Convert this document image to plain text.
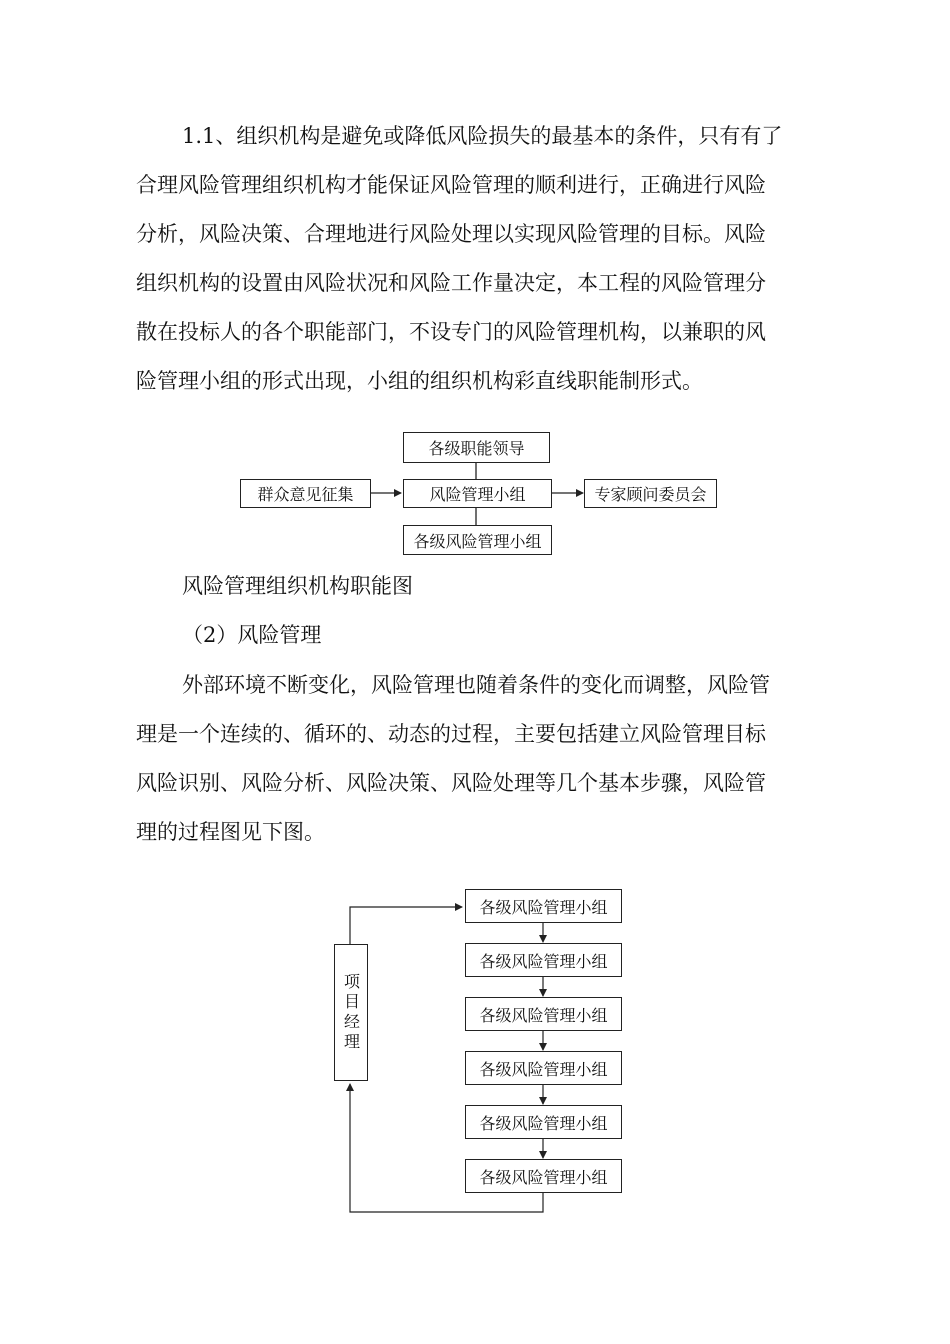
1.1、组织机构是避免或降低风险损失的最基本的条件，只有有了
合理风险管理组织机构才能保证风险管理的顺利进行，正确进行风险
分析，风险决策、合理地进行风险处理以实现风险管理的目标。风险
组织机构的设置由风险状况和风险工作量决定，本工程的风险管理分
散在投标人的各个职能部门，不设专门的风险管理机构，以兼职的风
险管理小组的形式出现，小组的组织机构彩直线职能制形式。
各级职能领导
群众意见征集	风险管理小组	专家顾问委员会
各级风险管理小组
风险管理组织机构职能图
（2）风险管理
外部环境不断变化，风险管理也随着条件的变化而调整，风险管
理是一个连续的、循环的、动态的过程，主要包括建立风险管理目标
风险识别、风险分析、风险决策、风险处理等几个基本步骤，风险管
理的过程图见下图。
项目经理
各级风险管理小组
各级风险管理小组
各级风险管理小组
各级风险管理小组
各级风险管理小组
各级风险管理小组
